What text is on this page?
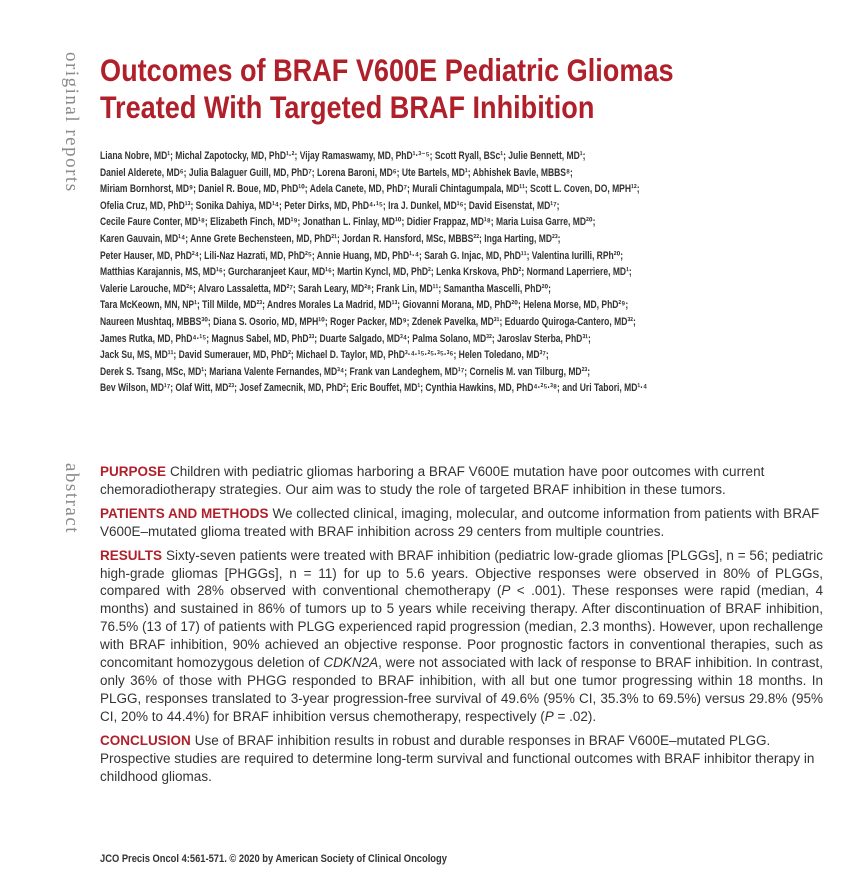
original reports

abstract

Outcomes of BRAF V600E Pediatric Gliomas Treated With Targeted BRAF Inhibition
Liana Nobre, MD¹; Michal Zapotocky, MD, PhD¹·²; Vijay Ramaswamy, MD, PhD¹·³⁻⁵; Scott Ryall, BSc¹; Julie Bennett, MD¹;
Daniel Alderete, MD⁶; Julia Balaguer Guill, MD, PhD⁷; Lorena Baroni, MD⁶; Ute Bartels, MD¹; Abhishek Bavle, MBBS⁸;
Miriam Bornhorst, MD⁹; Daniel R. Boue, MD, PhD¹⁰; Adela Canete, MD, PhD⁷; Murali Chintagumpala, MD¹¹; Scott L. Coven, DO, MPH¹²;
Ofelia Cruz, MD, PhD¹³; Sonika Dahiya, MD¹⁴; Peter Dirks, MD, PhD⁴·¹⁵; Ira J. Dunkel, MD¹⁶; David Eisenstat, MD¹⁷;
Cecile Faure Conter, MD¹⁸; Elizabeth Finch, MD¹⁹; Jonathan L. Finlay, MD¹⁰; Didier Frappaz, MD¹⁸; Maria Luisa Garre, MD²⁰;
Karen Gauvain, MD¹⁴; Anne Grete Bechensteen, MD, PhD²¹; Jordan R. Hansford, MSc, MBBS²²; Inga Harting, MD²³;
Peter Hauser, MD, PhD²⁴; Lili-Naz Hazrati, MD, PhD²⁵; Annie Huang, MD, PhD¹·⁴; Sarah G. Injac, MD, PhD¹¹; Valentina Iurilli, RPh²⁰;
Matthias Karajannis, MS, MD¹⁶; Gurcharanjeet Kaur, MD¹⁶; Martin Kyncl, MD, PhD²; Lenka Krskova, PhD²; Normand Laperriere, MD¹;
Valerie Larouche, MD²⁶; Alvaro Lassaletta, MD²⁷; Sarah Leary, MD²⁸; Frank Lin, MD¹¹; Samantha Mascelli, PhD²⁰;
Tara McKeown, MN, NP¹; Till Milde, MD²³; Andres Morales La Madrid, MD¹³; Giovanni Morana, MD, PhD²⁰; Helena Morse, MD, PhD²⁹;
Naureen Mushtaq, MBBS³⁰; Diana S. Osorio, MD, MPH¹⁰; Roger Packer, MD⁹; Zdenek Pavelka, MD³¹; Eduardo Quiroga-Cantero, MD³²;
James Rutka, MD, PhD⁴·¹⁵; Magnus Sabel, MD, PhD³³; Duarte Salgado, MD³⁴; Palma Solano, MD³²; Jaroslav Sterba, PhD³¹;
Jack Su, MS, MD¹¹; David Sumerauer, MD, PhD²; Michael D. Taylor, MD, PhD³·⁴·¹⁵·²⁵·³⁵·³⁶; Helen Toledano, MD³⁷;
Derek S. Tsang, MSc, MD¹; Mariana Valente Fernandes, MD³⁴; Frank van Landeghem, MD¹⁷; Cornelis M. van Tilburg, MD²³;
Bev Wilson, MD¹⁷; Olaf Witt, MD²³; Josef Zamecnik, MD, PhD²; Eric Bouffet, MD¹; Cynthia Hawkins, MD, PhD⁴·²⁵·³⁸; and Uri Tabori, MD¹·⁴

PURPOSE Children with pediatric gliomas harboring a BRAF V600E mutation have poor outcomes with current chemoradiotherapy strategies. Our aim was to study the role of targeted BRAF inhibition in these tumors.

PATIENTS AND METHODS We collected clinical, imaging, molecular, and outcome information from patients with BRAF V600E–mutated glioma treated with BRAF inhibition across 29 centers from multiple countries.

RESULTS Sixty-seven patients were treated with BRAF inhibition (pediatric low-grade gliomas [PLGGs], n = 56; pediatric high-grade gliomas [PHGGs], n = 11) for up to 5.6 years. Objective responses were observed in 80% of PLGGs, compared with 28% observed with conventional chemotherapy (P < .001). These responses were rapid (median, 4 months) and sustained in 86% of tumors up to 5 years while receiving therapy. After discontinuation of BRAF inhibition, 76.5% (13 of 17) of patients with PLGG experienced rapid progression (median, 2.3 months). However, upon rechallenge with BRAF inhibition, 90% achieved an objective response. Poor prognostic factors in conventional therapies, such as concomitant homozygous deletion of CDKN2A, were not associated with lack of response to BRAF inhibition. In contrast, only 36% of those with PHGG responded to BRAF inhibition, with all but one tumor progressing within 18 months. In PLGG, responses translated to 3-year progression-free survival of 49.6% (95% CI, 35.3% to 69.5%) versus 29.8% (95% CI, 20% to 44.4%) for BRAF inhibition versus chemotherapy, respectively (P = .02).

CONCLUSION Use of BRAF inhibition results in robust and durable responses in BRAF V600E–mutated PLGG. Prospective studies are required to determine long-term survival and functional outcomes with BRAF inhibitor therapy in childhood gliomas.

JCO Precis Oncol 4:561-571. © 2020 by American Society of Clinical Oncology
